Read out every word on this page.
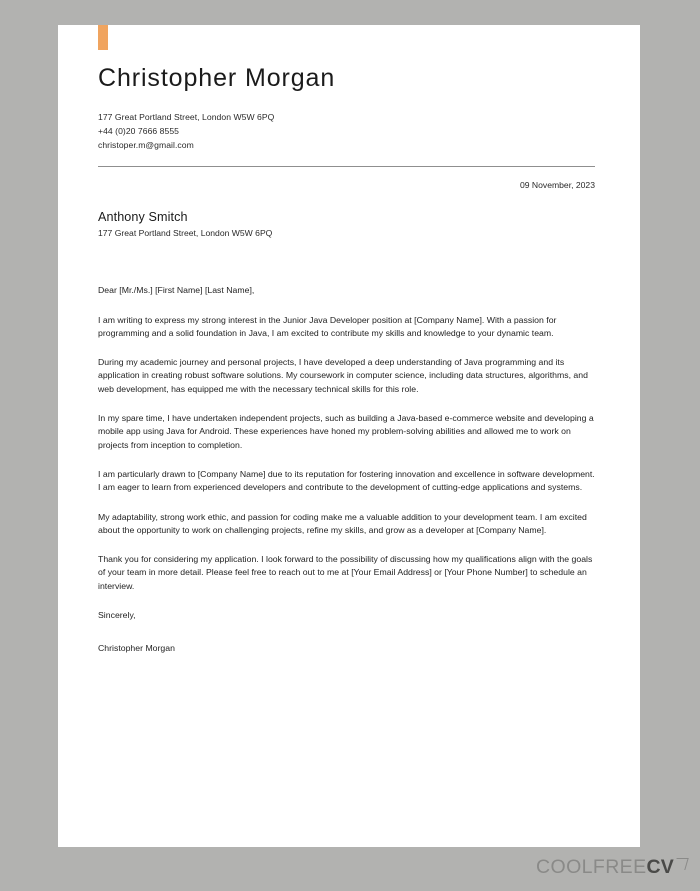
Christopher Morgan
177 Great Portland Street, London W5W 6PQ
+44 (0)20 7666 8555
christoper.m@gmail.com
09 November, 2023
Anthony Smitch
177 Great Portland Street, London W5W 6PQ

Dear [Mr./Ms.] [First Name] [Last Name],

I am writing to express my strong interest in the Junior Java Developer position at [Company Name]. With a passion for programming and a solid foundation in Java, I am excited to contribute my skills and knowledge to your dynamic team.

During my academic journey and personal projects, I have developed a deep understanding of Java programming and its application in creating robust software solutions. My coursework in computer science, including data structures, algorithms, and web development, has equipped me with the necessary technical skills for this role.

In my spare time, I have undertaken independent projects, such as building a Java-based e-commerce website and developing a mobile app using Java for Android. These experiences have honed my problem-solving abilities and allowed me to work on projects from inception to completion.

I am particularly drawn to [Company Name] due to its reputation for fostering innovation and excellence in software development. I am eager to learn from experienced developers and contribute to the development of cutting-edge applications and systems.

My adaptability, strong work ethic, and passion for coding make me a valuable addition to your development team. I am excited about the opportunity to work on challenging projects, refine my skills, and grow as a developer at [Company Name].

Thank you for considering my application. I look forward to the possibility of discussing how my qualifications align with the goals of your team in more detail. Please feel free to reach out to me at [Your Email Address] or [Your Phone Number] to schedule an interview.

Sincerely,

Christopher Morgan

COOLFREE CV
